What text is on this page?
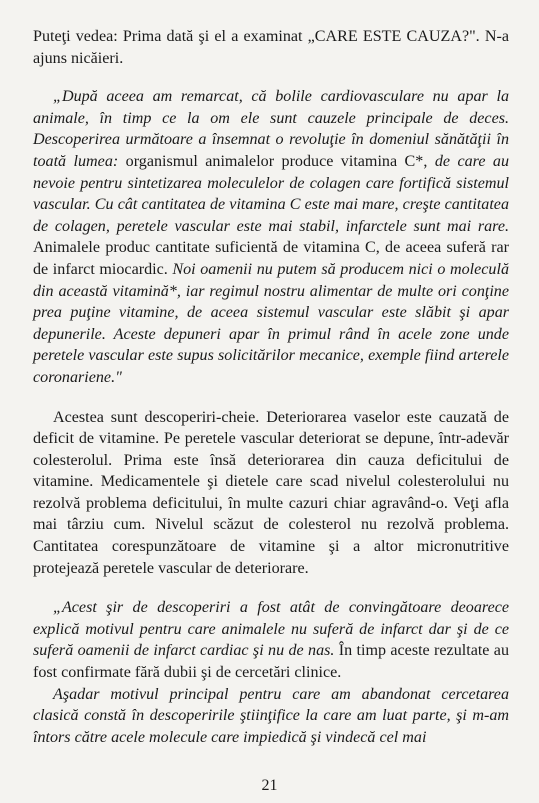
Puteţi vedea: Prima dată şi el a examinat „CARE ESTE CAUZA?". N-a ajuns nicăieri.

„După aceea am remarcat, că bolile cardiovasculare nu apar la animale, în timp ce la om ele sunt cauzele principale de deces. Descoperirea următoare a însemnat o revoluţie în domeniul sănătăţii în toată lumea: organismul animalelor produce vitamina C*, de care au nevoie pentru sintetizarea moleculelor de colagen care fortifică sistemul vascular. Cu cât cantitatea de vitamina C este mai mare, creşte cantitatea de colagen, peretele vascular este mai stabil, infarctele sunt mai rare. Animalele produc cantitate suficientă de vitamina C, de aceea suferă rar de infarct miocardic. Noi oamenii nu putem să producem nici o moleculă din această vitamină*, iar regimul nostru alimentar de multe ori conţine prea puţine vitamine, de aceea sistemul vascular este slăbit şi apar depunerile. Aceste depuneri apar în primul rând în acele zone unde peretele vascular este supus solicitărilor mecanice, exemple fiind arterele coronariene."

Acestea sunt descoperiri-cheie. Deteriorarea vaselor este cauzată de deficit de vitamine. Pe peretele vascular deteriorat se depune, într-adevăr colesterolul. Prima este însă deteriorarea din cauza deficitului de vitamine. Medicamentele şi dietele care scad nivelul colesterolului nu rezolvă problema deficitului, în multe cazuri chiar agravând-o. Veţi afla mai târziu cum. Nivelul scăzut de colesterol nu rezolvă problema. Cantitatea corespunzătoare de vitamine şi a altor micronutritive protejează peretele vascular de deteriorare.

„Acest şir de descoperiri a fost atât de convingătoare deoarece explică motivul pentru care animalele nu suferă de infarct dar şi de ce suferă oamenii de infarct cardiac şi nu de nas. În timp aceste rezultate au fost confirmate fără dubii şi de cercetări clinice.

Aşadar motivul principal pentru care am abandonat cercetarea clasică constă în descoperirile ştiinţifice la care am luat parte, şi m-am întors către acele molecule care impiedică şi vindecă cel mai

21
